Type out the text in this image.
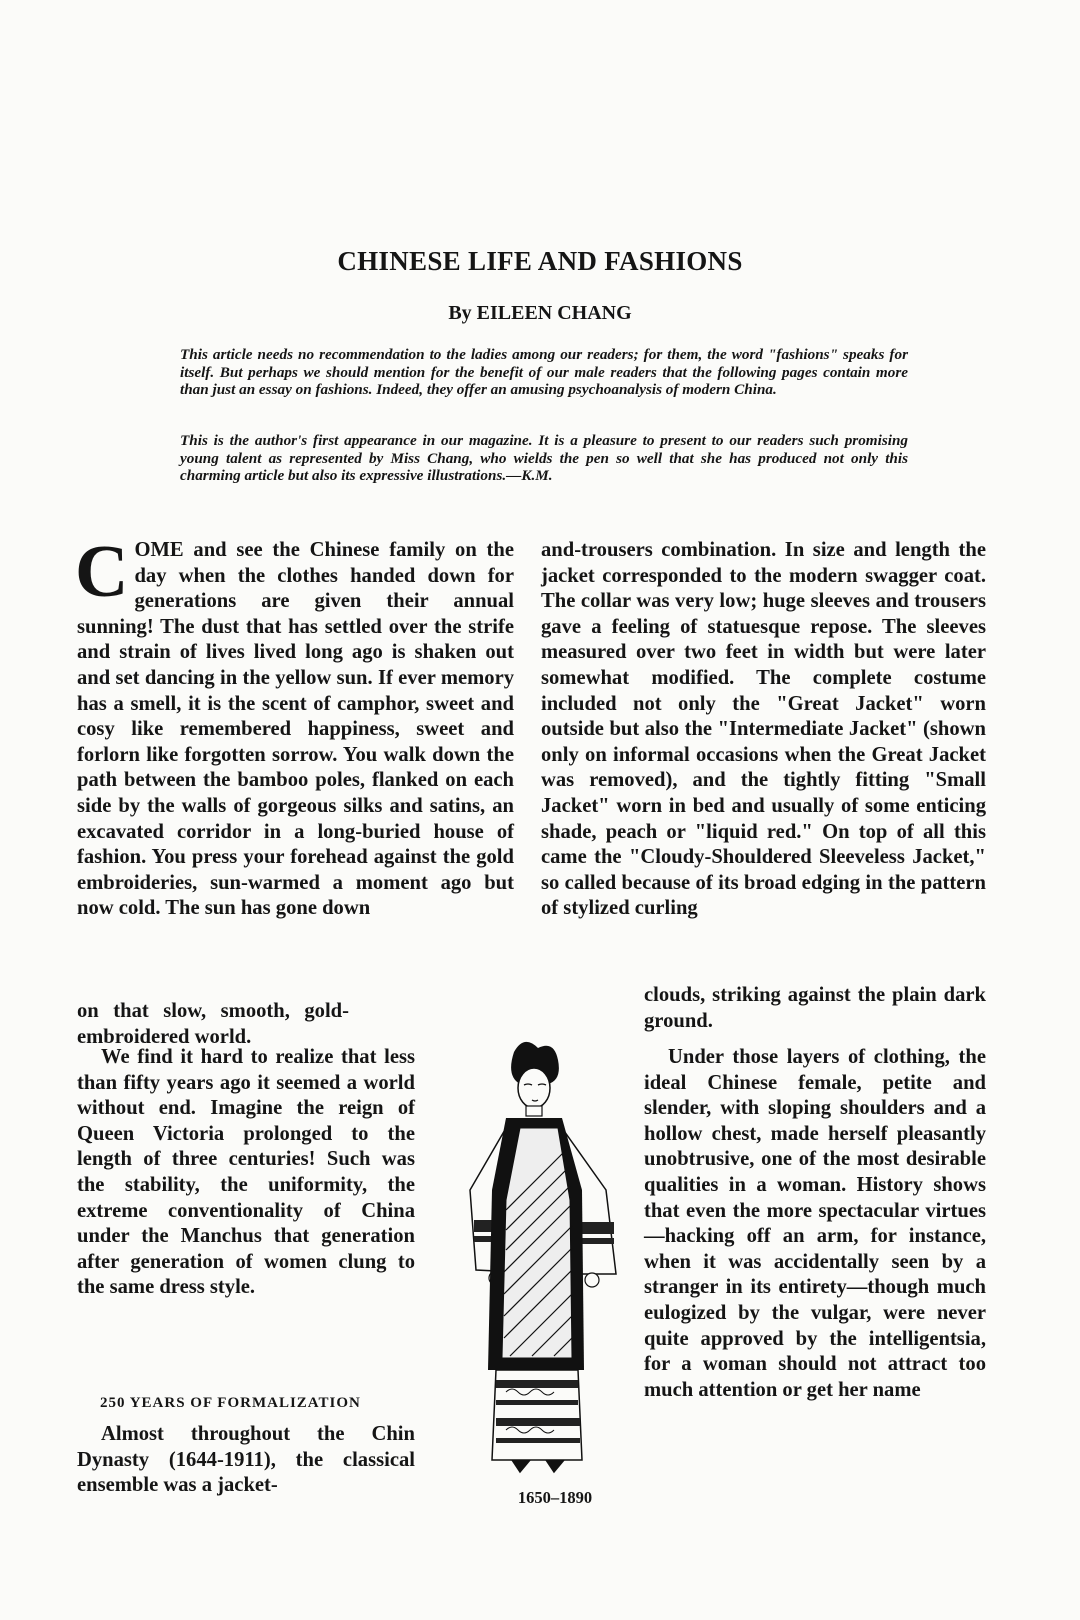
CHINESE LIFE AND FASHIONS
By EILEEN CHANG

This article needs no recommendation to the ladies among our readers; for them, the word "fashions" speaks for itself. But perhaps we should mention for the benefit of our male readers that the following pages contain more than just an essay on fashions. Indeed, they offer an amusing psychoanalysis of modern China.

This is the author's first appearance in our magazine. It is a pleasure to present to our readers such promising young talent as represented by Miss Chang, who wields the pen so well that she has produced not only this charming article but also its expressive illustrations.—K.M.

COME and see the Chinese family on the day when the clothes handed down for generations are given their annual sunning! The dust that has settled over the strife and strain of lives lived long ago is shaken out and set dancing in the yellow sun. If ever memory has a smell, it is the scent of camphor, sweet and cosy like remembered happiness, sweet and forlorn like forgotten sorrow. You walk down the path between the bamboo poles, flanked on each side by the walls of gorgeous silks and satins, an excavated corridor in a long-buried house of fashion. You press your forehead against the gold embroideries, sun-warmed a moment ago but now cold. The sun has gone down

on that slow, smooth, gold-embroidered world.
We find it hard to realize that less than fifty years ago it seemed a world without end. Imagine the reign of Queen Victoria prolonged to the length of three centuries! Such was the stability, the uniformity, the extreme conventionality of China under the Manchus that generation after generation of women clung to the same dress style.
250 YEARS OF FORMALIZATION
Almost throughout the Chin Dynasty (1644-1911), the classical ensemble was a jacket-
and-trousers combination. In size and length the jacket corresponded to the modern swagger coat. The collar was very low; huge sleeves and trousers gave a feeling of statuesque repose. The sleeves measured over two feet in width but were later somewhat modified. The complete costume included not only the "Great Jacket" worn outside but also the "Intermediate Jacket" (shown only on informal occasions when the Great Jacket was removed), and the tightly fitting "Small Jacket" worn in bed and usually of some enticing shade, peach or "liquid red." On top of all this came the "Cloudy-Shouldered Sleeveless Jacket," so called because of its broad edging in the pattern of stylized curling
clouds, striking against the plain dark ground.
Under those layers of clothing, the ideal Chinese female, petite and slender, with sloping shoulders and a hollow chest, made herself pleasantly unobtrusive, one of the most desirable qualities in a woman. History shows that even the more spectacular virtues—hacking off an arm, for instance, when it was accidentally seen by a stranger in its entirety—though much eulogized by the vulgar, were never quite approved by the intelligentsia, for a woman should not attract too much attention or get her name
1650–1890
